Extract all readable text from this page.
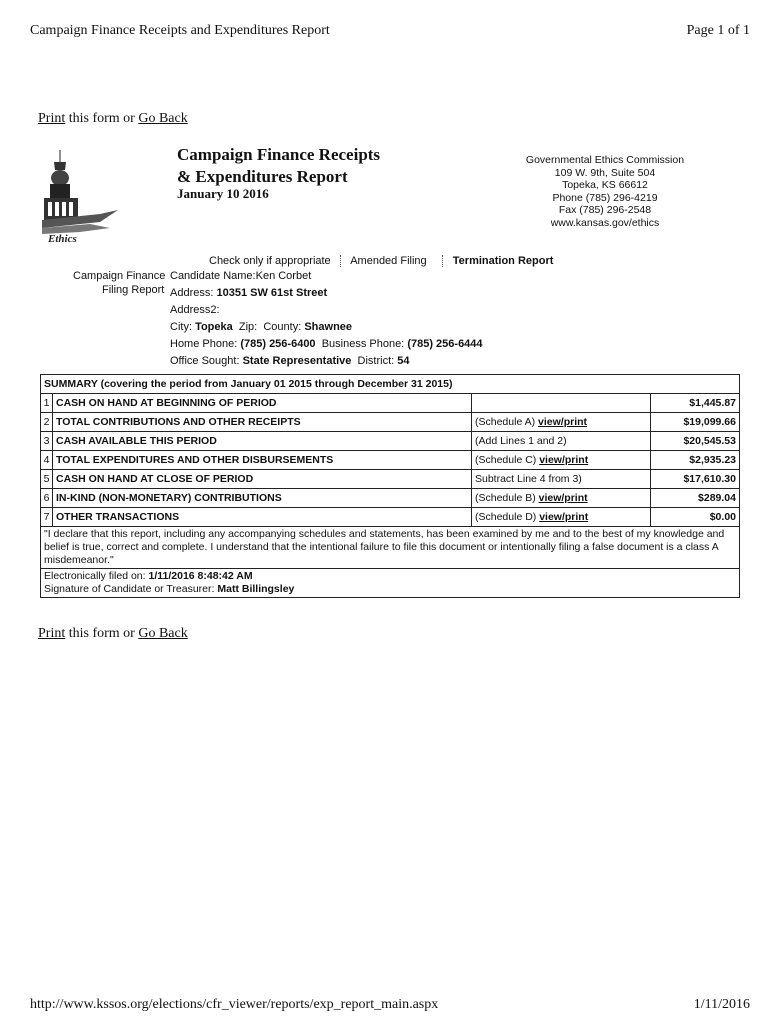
Campaign Finance Receipts and Expenditures Report	Page 1 of 1
Print this form or Go Back
Ethics
Campaign Finance Receipts
& Expenditures Report
January 10 2016
Governmental Ethics Commission
109 W. 9th, Suite 504
Topeka, KS 66612
Phone (785) 296-4219
Fax (785) 296-2548
www.kansas.gov/ethics
Check only if appropriate Amended Filing Termination Report
Campaign Finance
Filing Report
Candidate Name:Ken Corbet
Address: 10351 SW 61st Street
Address2:
City: Topeka Zip: County: Shawnee
Home Phone: (785) 256-6400 Business Phone: (785) 256-6444
Office Sought: State Representative District: 54
SUMMARY (covering the period from January 01 2015 through December 31 2015)			
1	CASH ON HAND AT BEGINNING OF PERIOD		$1,445.87
2	TOTAL CONTRIBUTIONS AND OTHER RECEIPTS	(Schedule A) view/print	$19,099.66
3	CASH AVAILABLE THIS PERIOD	(Add Lines 1 and 2)	$20,545.53
4	TOTAL EXPENDITURES AND OTHER DISBURSEMENTS	(Schedule C) view/print	$2,935.23
5	CASH ON HAND AT CLOSE OF PERIOD	Subtract Line 4 from 3)	$17,610.30
6	IN-KIND (NON-MONETARY) CONTRIBUTIONS	(Schedule B) view/print	$289.04
7	OTHER TRANSACTIONS	(Schedule D) view/print	$0.00
"I declare that this report, including any accompanying schedules and statements, has been examined by me and to the best of my knowledge and belief is true, correct and complete. I understand that the intentional failure to file this document or intentionally filing a false document is a class A misdemeanor."			

Electronically filed on: 1/11/2016 8:48:42 AM
Signature of Candidate or Treasurer: Matt Billingsley			
Print this form or Go Back
http://www.kssos.org/elections/cfr_viewer/reports/exp_report_main.aspx	1/11/2016
